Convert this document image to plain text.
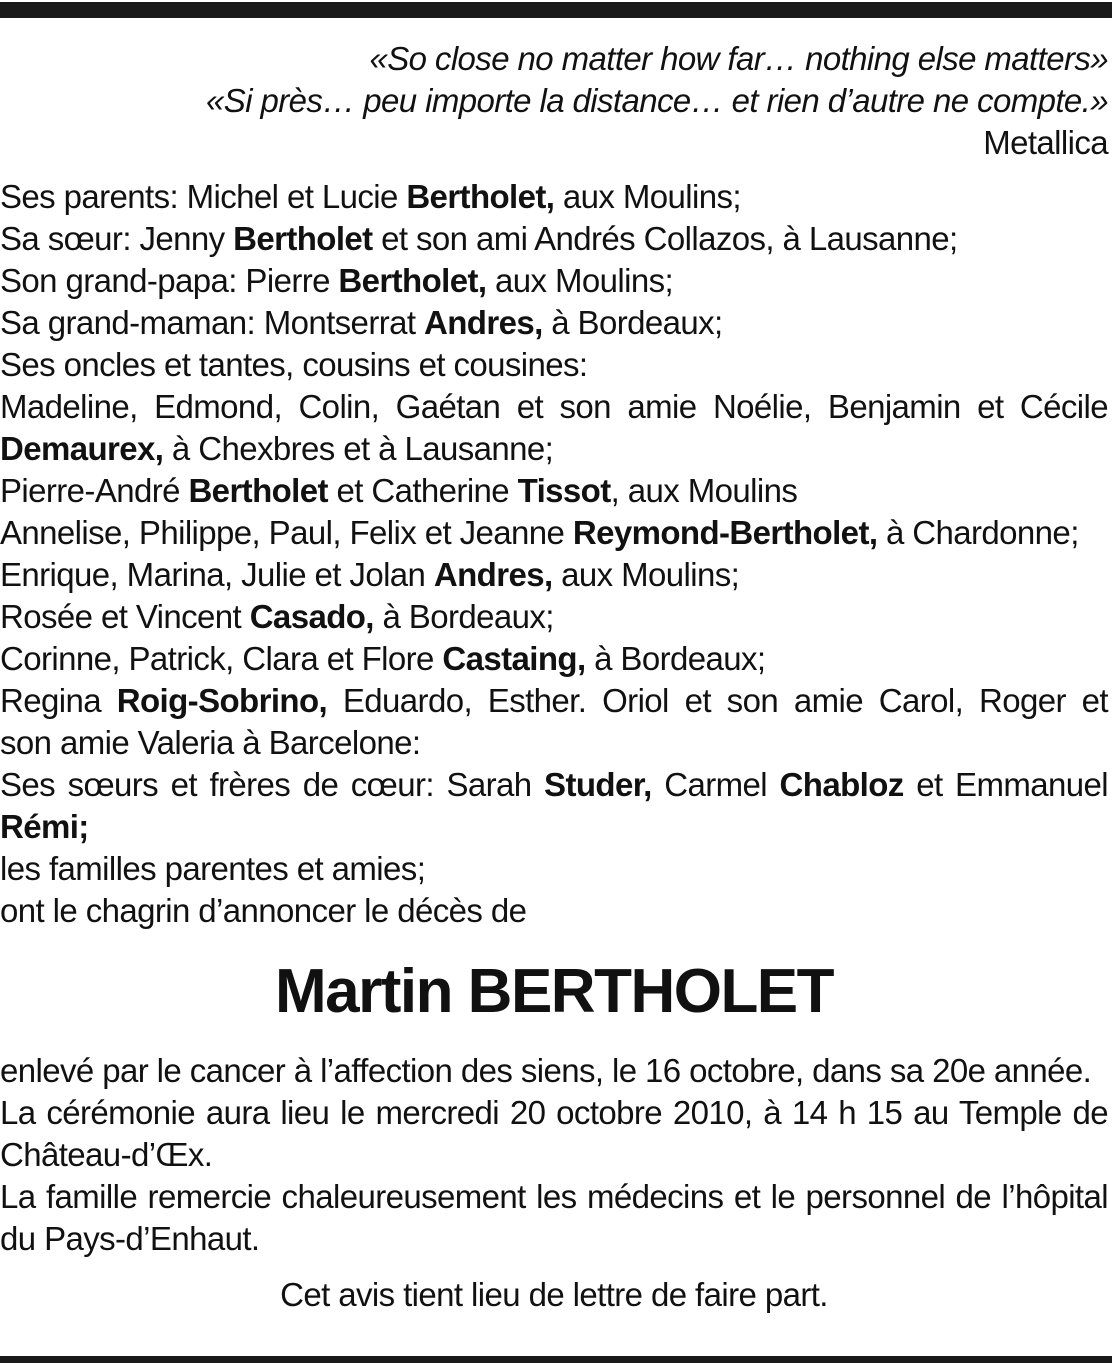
«So close no matter how far… nothing else matters»
«Si près… peu importe la distance… et rien d’autre ne compte.»
Metallica
Ses parents: Michel et Lucie Bertholet, aux Moulins;
Sa sœur: Jenny Bertholet et son ami Andrés Collazos, à Lausanne;
Son grand-papa: Pierre Bertholet, aux Moulins;
Sa grand-maman: Montserrat Andres, à Bordeaux;
Ses oncles et tantes, cousins et cousines:
Madeline, Edmond, Colin, Gaétan et son amie Noélie, Benjamin et Cécile
Demaurex, à Chexbres et à Lausanne;
Pierre-André Bertholet et Catherine Tissot, aux Moulins
Annelise, Philippe, Paul, Felix et Jeanne Reymond-Bertholet, à Chardonne;
Enrique, Marina, Julie et Jolan Andres, aux Moulins;
Rosée et Vincent Casado, à Bordeaux;
Corinne, Patrick, Clara et Flore Castaing, à Bordeaux;
Regina Roig-Sobrino, Eduardo, Esther. Oriol et son amie Carol, Roger et
son amie Valeria à Barcelone:
Ses sœurs et frères de cœur: Sarah Studer, Carmel Chabloz et Emmanuel
Rémi;
les familles parentes et amies;
ont le chagrin d’annoncer le décès de
Martin BERTHOLET
enlevé par le cancer à l’affection des siens, le 16 octobre, dans sa 20e année.
La cérémonie aura lieu le mercredi 20 octobre 2010, à 14 h 15 au Temple de Château-d’Œx.
La famille remercie chaleureusement les médecins et le personnel de l’hôpital du Pays-d’Enhaut.
Cet avis tient lieu de lettre de faire part.
